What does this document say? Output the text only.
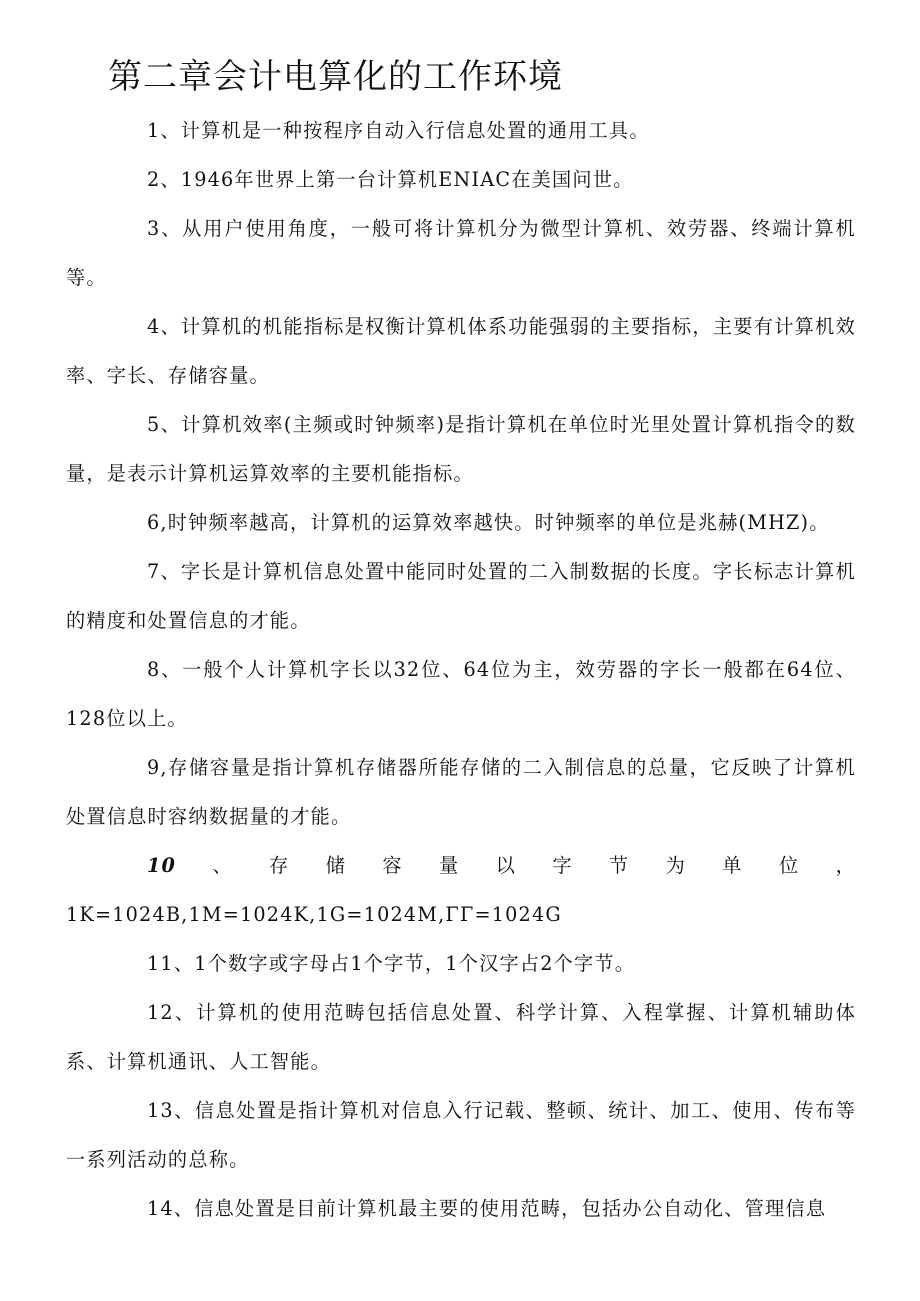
第二章会计电算化的工作环境

1、计算机是一种按程序自动入行信息处置的通用工具。

2、1946年世界上第一台计算机ENIAC在美国问世。

3、从用户使用角度，一般可将计算机分为微型计算机、效劳器、终端计算机等。

4、计算机的机能指标是权衡计算机体系功能强弱的主要指标，主要有计算机效率、字长、存储容量。

5、计算机效率(主频或时钟频率)是指计算机在单位时光里处置计算机指令的数量，是表示计算机运算效率的主要机能指标。

6,时钟频率越高，计算机的运算效率越快。时钟频率的单位是兆赫(MHZ)。

7、字长是计算机信息处置中能同时处置的二入制数据的长度。字长标志计算机的精度和处置信息的才能。

8、一般个人计算机字长以32位、64位为主，效劳器的字长一般都在64位、128位以上。

9,存储容量是指计算机存储器所能存储的二入制信息的总量，它反映了计算机处置信息时容纳数据量的才能。

10、存储容量以字节为单位，1K=1024B,1M=1024K,1G=1024M,ΓΓ=1024G

11、1个数字或字母占1个字节，1个汉字占2个字节。

12、计算机的使用范畴包括信息处置、科学计算、入程掌握、计算机辅助体系、计算机通讯、人工智能。

13、信息处置是指计算机对信息入行记载、整顿、统计、加工、使用、传布等一系列活动的总称。

14、信息处置是目前计算机最主要的使用范畴，包括办公自动化、管理信息
